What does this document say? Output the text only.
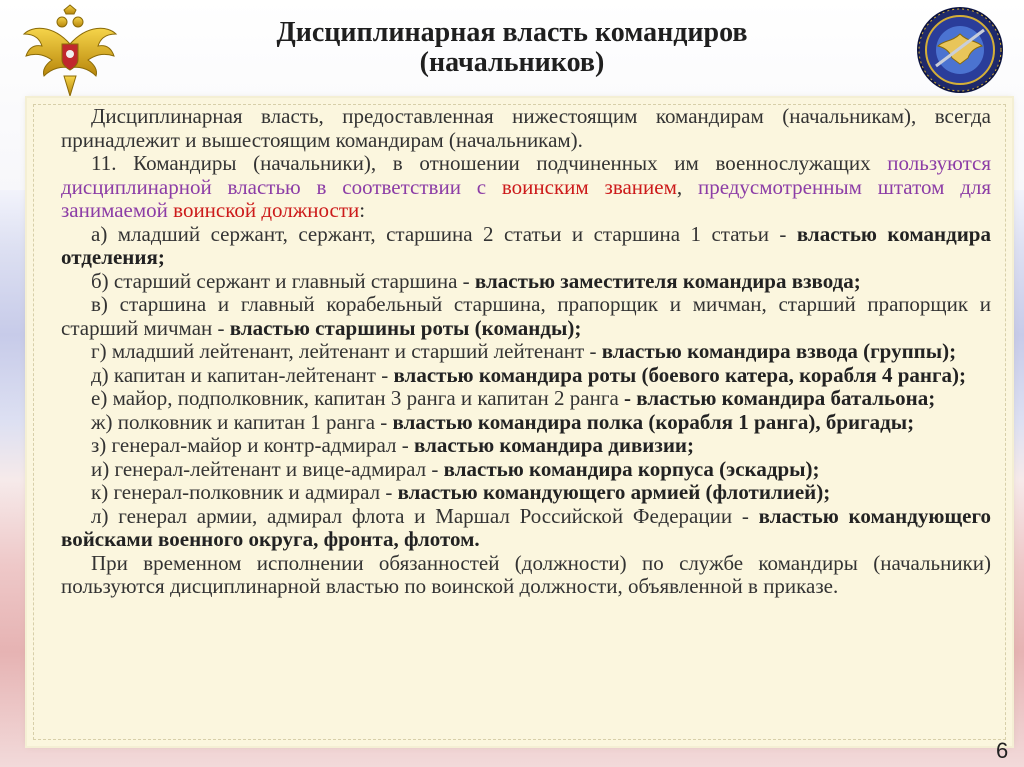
Дисциплинарная власть командиров
(начальников)

Дисциплинарная власть, предоставленная нижестоящим командирам (начальникам), всегда принадлежит и вышестоящим командирам (начальникам).

11. Командиры (начальники), в отношении подчиненных им военнослужащих пользуются дисциплинарной властью в соответствии с воинским званием, предусмотренным штатом для занимаемой воинской должности:

а) младший сержант, сержант, старшина 2 статьи и старшина 1 статьи - властью командира отделения;

б) старший сержант и главный старшина - властью заместителя командира взвода;

в) старшина и главный корабельный старшина, прапорщик и мичман, старший прапорщик и старший мичман - властью старшины роты (команды);

г) младший лейтенант, лейтенант и старший лейтенант - властью командира взвода (группы);

д) капитан и капитан-лейтенант - властью командира роты (боевого катера, корабля 4 ранга);

е) майор, подполковник, капитан 3 ранга и капитан 2 ранга - властью командира батальона;

ж) полковник и капитан 1 ранга - властью командира полка (корабля 1 ранга), бригады;

з) генерал-майор и контр-адмирал - властью командира дивизии;

и) генерал-лейтенант и вице-адмирал - властью командира корпуса (эскадры);

к) генерал-полковник и адмирал - властью командующего армией (флотилией);

л) генерал армии, адмирал флота и Маршал Российской Федерации - властью командующего войсками военного округа, фронта, флотом.

При временном исполнении обязанностей (должности) по службе командиры (начальники) пользуются дисциплинарной властью по воинской должности, объявленной в приказе.

6
